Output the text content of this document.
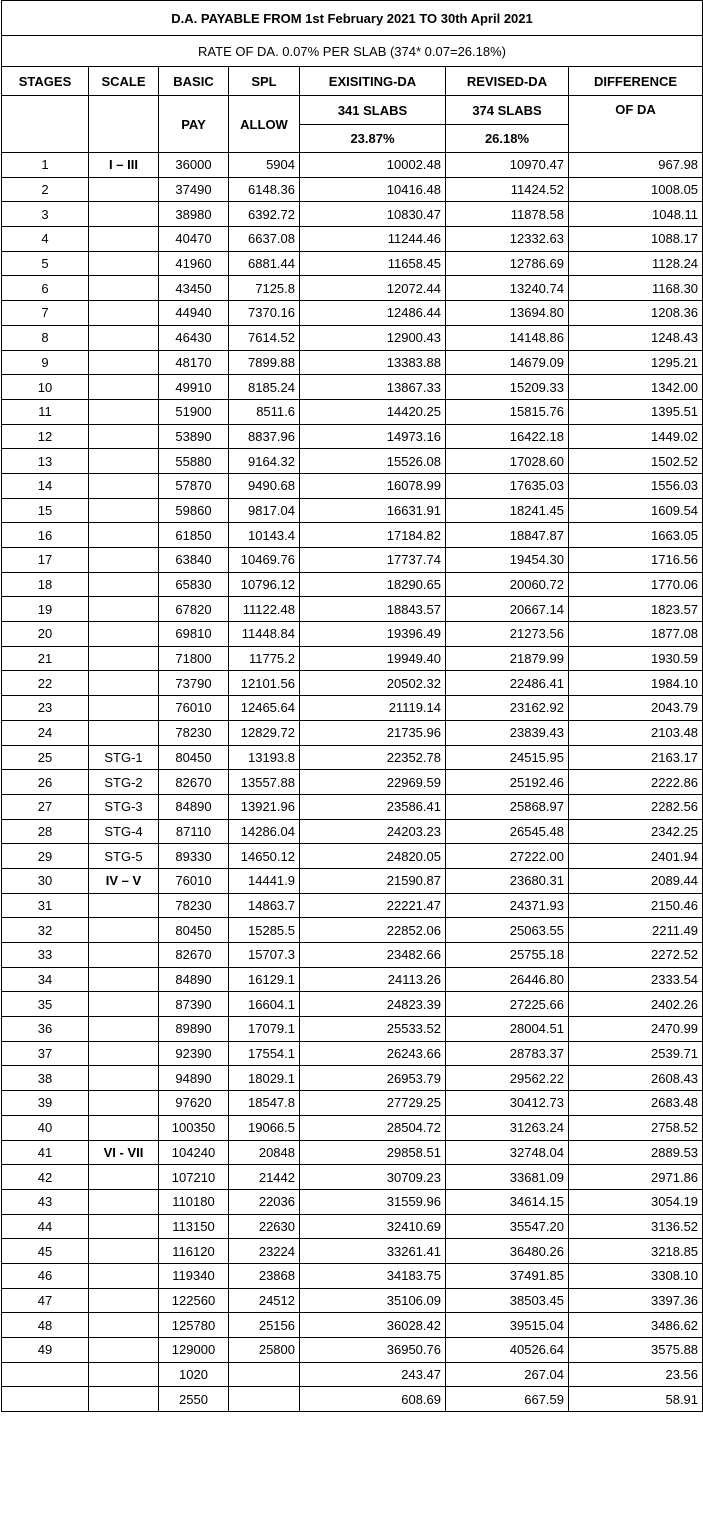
D.A. PAYABLE FROM 1st February 2021 TO 30th April 2021						
RATE OF DA. 0.07% PER SLAB (374* 0.07=26.18%)						
STAGES	SCALE	BASIC	SPL	EXISITING-DA	REVISED-DA	DIFFERENCE
		PAY	ALLOW	341 SLABS	374 SLABS	OF DA
				23.87%	26.18%	
1	I – III	36000	5904	10002.48	10970.47	967.98
2		37490	6148.36	10416.48	11424.52	1008.05
3		38980	6392.72	10830.47	11878.58	1048.11
4		40470	6637.08	11244.46	12332.63	1088.17
5		41960	6881.44	11658.45	12786.69	1128.24
6		43450	7125.8	12072.44	13240.74	1168.30
7		44940	7370.16	12486.44	13694.80	1208.36
8		46430	7614.52	12900.43	14148.86	1248.43
9		48170	7899.88	13383.88	14679.09	1295.21
10		49910	8185.24	13867.33	15209.33	1342.00
11		51900	8511.6	14420.25	15815.76	1395.51
12		53890	8837.96	14973.16	16422.18	1449.02
13		55880	9164.32	15526.08	17028.60	1502.52
14		57870	9490.68	16078.99	17635.03	1556.03
15		59860	9817.04	16631.91	18241.45	1609.54
16		61850	10143.4	17184.82	18847.87	1663.05
17		63840	10469.76	17737.74	19454.30	1716.56
18		65830	10796.12	18290.65	20060.72	1770.06
19		67820	11122.48	18843.57	20667.14	1823.57
20		69810	11448.84	19396.49	21273.56	1877.08
21		71800	11775.2	19949.40	21879.99	1930.59
22		73790	12101.56	20502.32	22486.41	1984.10
23		76010	12465.64	21119.14	23162.92	2043.79
24		78230	12829.72	21735.96	23839.43	2103.48
25	STG-1	80450	13193.8	22352.78	24515.95	2163.17
26	STG-2	82670	13557.88	22969.59	25192.46	2222.86
27	STG-3	84890	13921.96	23586.41	25868.97	2282.56
28	STG-4	87110	14286.04	24203.23	26545.48	2342.25
29	STG-5	89330	14650.12	24820.05	27222.00	2401.94
30	IV – V	76010	14441.9	21590.87	23680.31	2089.44
31		78230	14863.7	22221.47	24371.93	2150.46
32		80450	15285.5	22852.06	25063.55	2211.49
33		82670	15707.3	23482.66	25755.18	2272.52
34		84890	16129.1	24113.26	26446.80	2333.54
35		87390	16604.1	24823.39	27225.66	2402.26
36		89890	17079.1	25533.52	28004.51	2470.99
37		92390	17554.1	26243.66	28783.37	2539.71
38		94890	18029.1	26953.79	29562.22	2608.43
39		97620	18547.8	27729.25	30412.73	2683.48
40		100350	19066.5	28504.72	31263.24	2758.52
41	VI - VII	104240	20848	29858.51	32748.04	2889.53
42		107210	21442	30709.23	33681.09	2971.86
43		110180	22036	31559.96	34614.15	3054.19
44		113150	22630	32410.69	35547.20	3136.52
45		116120	23224	33261.41	36480.26	3218.85
46		119340	23868	34183.75	37491.85	3308.10
47		122560	24512	35106.09	38503.45	3397.36
48		125780	25156	36028.42	39515.04	3486.62
49		129000	25800	36950.76	40526.64	3575.88
		1020		243.47	267.04	23.56
		2550		608.69	667.59	58.91
